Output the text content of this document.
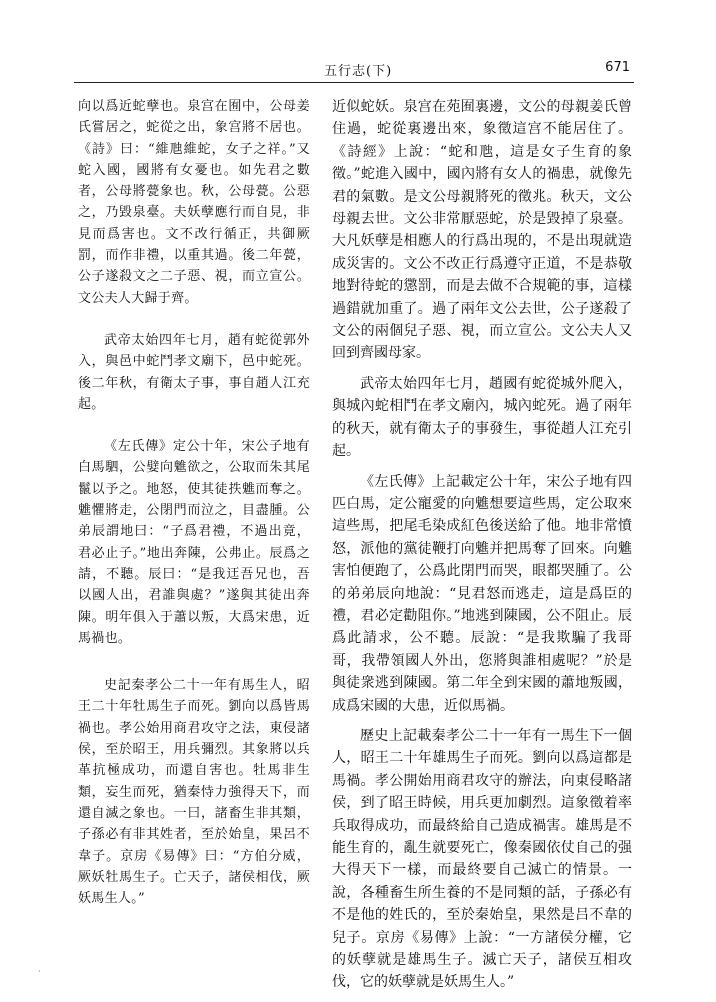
五行志(下)	671

向以爲近蛇孽也。泉宫在囿中，公母姜氏嘗居之，蛇從之出，象宫將不居也。《詩》曰：“維虺維蛇，女子之祥。”又蛇入國，國將有女憂也。如先君之數者，公母將甍象也。秋，公母甍。公惡之，乃毀泉臺。夫妖孽應行而自見，非見而爲害也。文不改行循正，共御厥罰，而作非禮，以重其過。後二年甍，公子遂殺文之二子惡、視，而立宣公。文公夫人大歸于齊。

武帝太始四年七月，趙有蛇從郭外入，與邑中蛇鬥孝文廟下，邑中蛇死。後二年秋，有衛太子事，事自趙人江充起。

《左氏傳》定公十年，宋公子地有白馬駟，公嬖向魋欲之，公取而朱其尾鬣以予之。地怒，使其徒抶魋而奪之。魋懼將走，公閉門而泣之，目盡腫。公弟辰謂地曰：“子爲君禮，不過出竟，君必止子。”地出奔陳，公弗止。辰爲之請，不聽。辰曰：“是我迋吾兄也，吾以國人出，君誰與處？”遂與其徒出奔陳。明年俱入于蕭以叛，大爲宋患，近馬禍也。

史記秦孝公二十一年有馬生人，昭王二十年牡馬生子而死。劉向以爲皆馬禍也。孝公始用商君攻守之法，東侵諸侯，至於昭王，用兵彌烈。其象將以兵革抗極成功，而還自害也。牡馬非生類，妄生而死，猶秦恃力強得天下，而還自滅之象也。一曰，諸畜生非其類，子孫必有非其姓者，至於始皇，果呂不韋子。京房《易傳》曰：“方伯分威，厥妖牡馬生子。亡天子，諸侯相伐，厥妖馬生人。”

近似蛇妖。泉宫在苑囿裏邊，文公的母親姜氏曾住過，蛇從裏邊出來，象徵這宫不能居住了。《詩經》上說：“蛇和虺，這是女子生育的象徵。”蛇進入國中，國內將有女人的禍患，就像先君的氣數。是文公母親將死的徵兆。秋天，文公母親去世。文公非常厭惡蛇，於是毀掉了泉臺。大凡妖孽是相應人的行爲出現的，不是出現就造成災害的。文公不改正行爲遵守正道，不是恭敬地對待蛇的懲罰，而是去做不合規範的事，這樣過錯就加重了。過了兩年文公去世，公子遂殺了文公的兩個兒子惡、視，而立宣公。文公夫人又回到齊國母家。

武帝太始四年七月，趙國有蛇從城外爬入，與城內蛇相鬥在孝文廟內，城內蛇死。過了兩年的秋天，就有衛太子的事發生，事從趙人江充引起。

《左氏傳》上記載定公十年，宋公子地有四匹白馬，定公寵愛的向魋想要這些馬，定公取來這些馬，把尾毛染成紅色後送給了他。地非常憤怒，派他的黨徒鞭打向魋并把馬奪了回來。向魋害怕便跑了，公爲此閉門而哭，眼都哭腫了。公的弟弟辰向地說：“見君怒而逃走，這是爲臣的禮，君必定勸阻你。”地逃到陳國，公不阻止。辰爲此請求，公不聽。辰說：“是我欺騙了我哥哥，我帶領國人外出，您將與誰相處呢？”於是與徒衆逃到陳國。第二年全到宋國的蕭地叛國，成爲宋國的大患，近似馬禍。

歷史上記載秦孝公二十一年有一馬生下一個人，昭王二十年雄馬生子而死。劉向以爲這都是馬禍。孝公開始用商君攻守的辦法，向東侵略諸侯，到了昭王時候，用兵更加劇烈。這象徵着率兵取得成功，而最終給自己造成禍害。雄馬是不能生育的，亂生就要死亡，像秦國依仗自己的强大得天下一樣，而最終要自己滅亡的情景。一說，各種畜生所生養的不是同類的話，子孫必有不是他的姓氏的，至於秦始皇，果然是吕不韋的兒子。京房《易傳》上說：“一方諸侯分權，它的妖孽就是雄馬生子。滅亡天子，諸侯互相攻伐，它的妖孽就是妖馬生人。”

·
